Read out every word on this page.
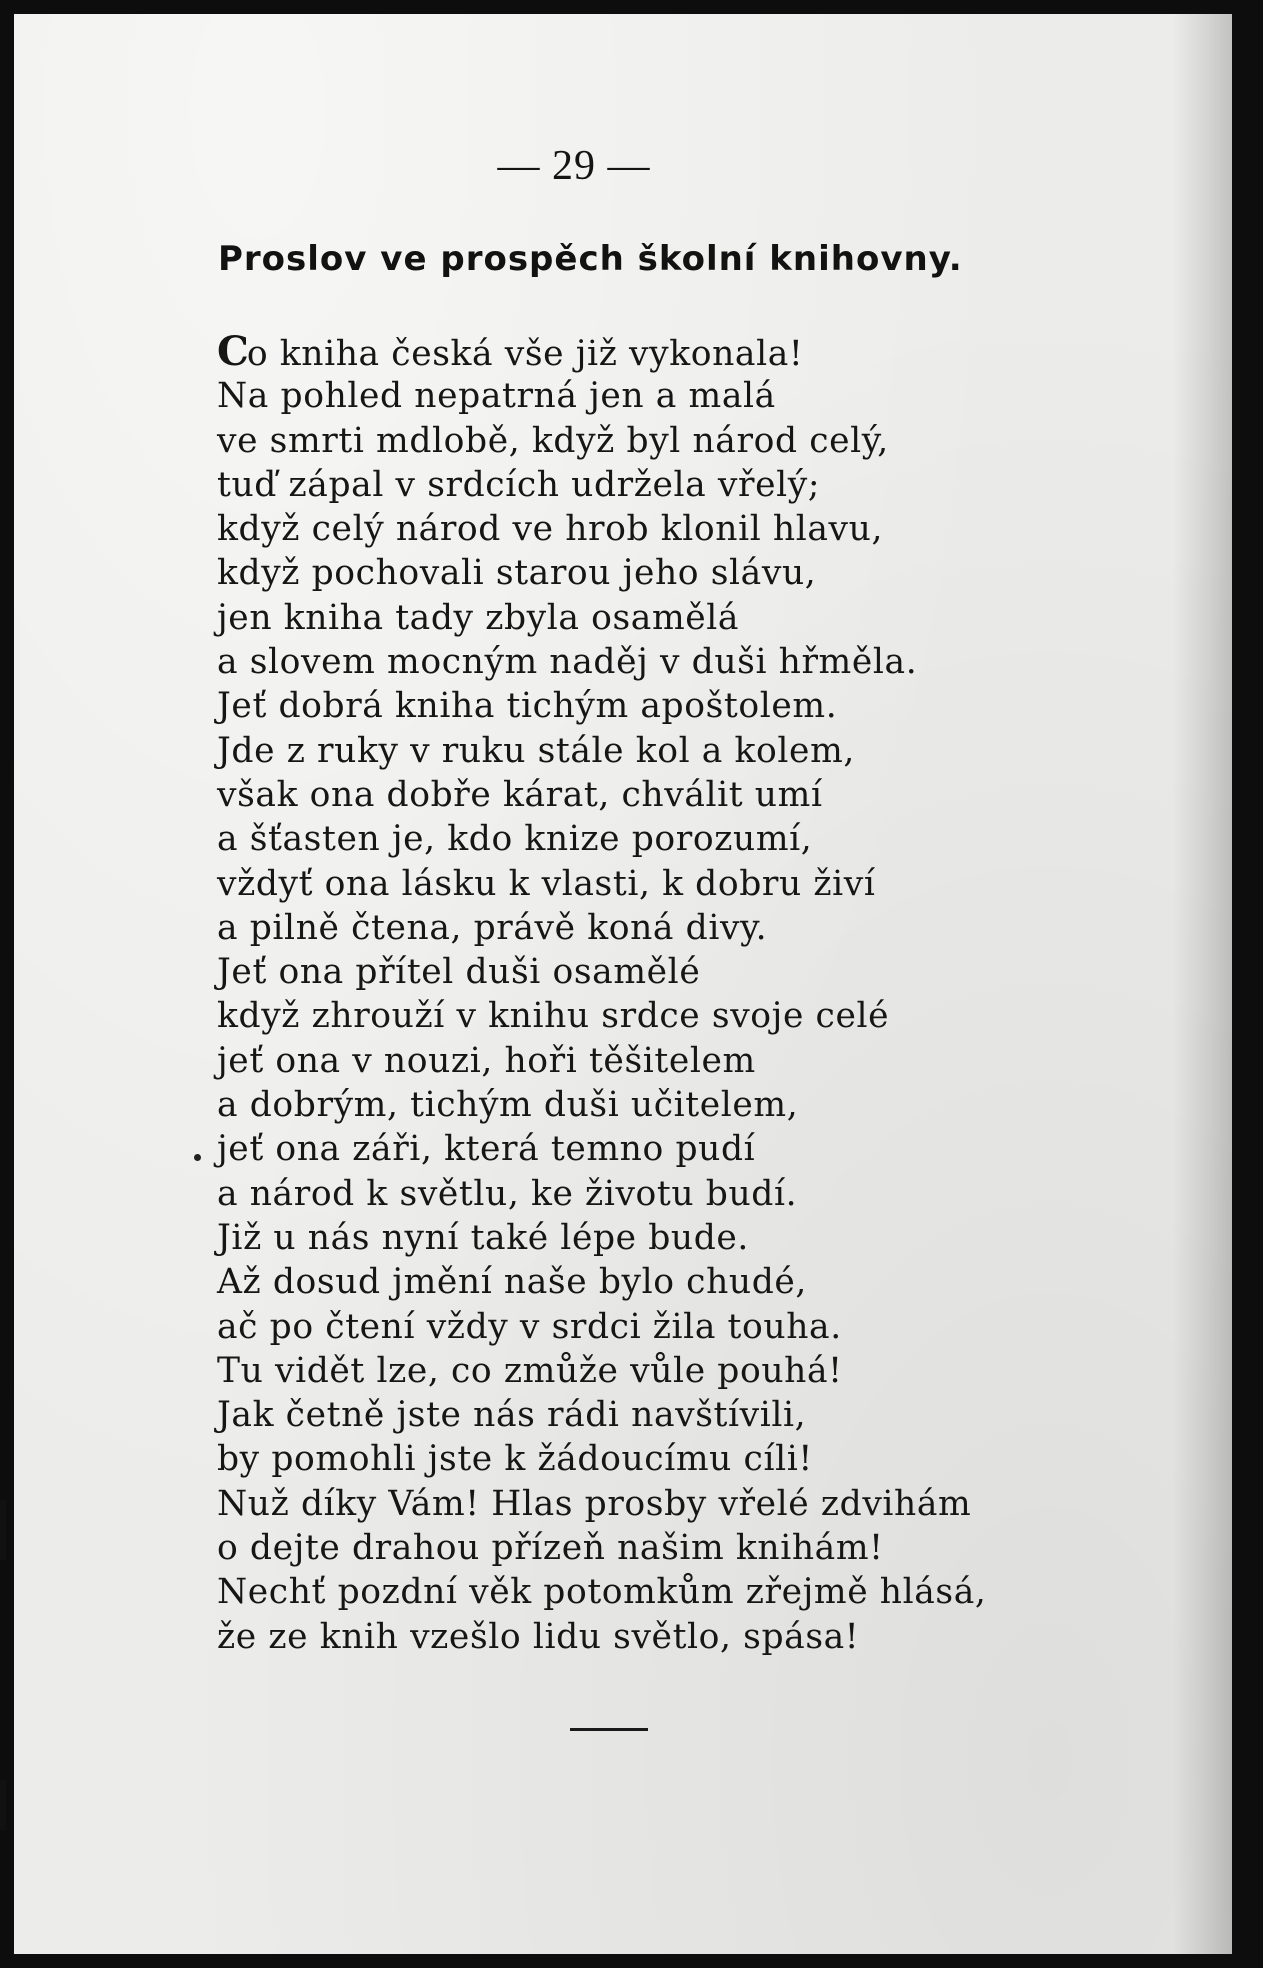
— 29 —
Proslov ve prospěch školní knihovny.
Co kniha česká vše již vykonala!
Na pohled nepatrná jen a malá
ve smrti mdlobě, když byl národ celý,
tuď zápal v srdcích udržela vřelý;
když celý národ ve hrob klonil hlavu,
když pochovali starou jeho slávu,
jen kniha tady zbyla osamělá
a slovem mocným naděj v duši hřměla.
Jeť dobrá kniha tichým apoštolem.
Jde z ruky v ruku stále kol a kolem,
však ona dobře kárat, chválit umí
a šťasten je, kdo knize porozumí,
vždyť ona lásku k vlasti, k dobru živí
a pilně čtena, právě koná divy.
Jeť ona přítel duši osamělé
když zhrouží v knihu srdce svoje celé
jeť ona v nouzi, hoři těšitelem
a dobrým, tichým duši učitelem,
jeť ona záři, která temno pudí
a národ k světlu, ke životu budí.
Již u nás nyní také lépe bude.
Až dosud jmění naše bylo chudé,
ač po čtení vždy v srdci žila touha.
Tu vidět lze, co zmůže vůle pouhá!
Jak četně jste nás rádi navštívili,
by pomohli jste k žádoucímu cíli!
Nuž díky Vám! Hlas prosby vřelé zdvihám
o dejte drahou přízeň našim knihám!
Nechť pozdní věk potomkům zřejmě hlásá,
že ze knih vzešlo lidu světlo, spása!
